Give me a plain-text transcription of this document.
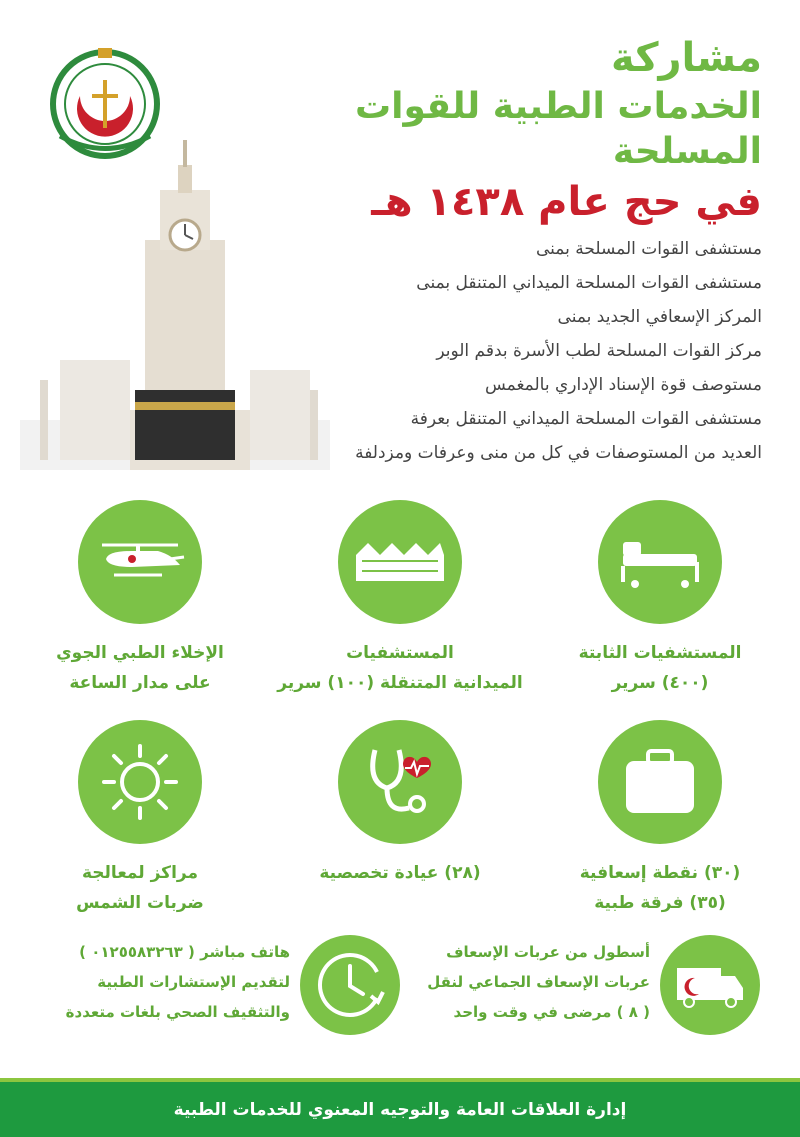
مشاركة

الخدمات الطبية للقوات المسلحة

في حج عام ١٤٣٨ هـ

مستشفى القوات المسلحة بمنى
مستشفى القوات المسلحة الميداني المتنقل بمنى
المركز الإسعافي الجديد بمنى
مركز القوات المسلحة لطب الأسرة بدقم الوبر
مستوصف قوة الإسناد الإداري بالمغمس
مستشفى القوات المسلحة الميداني المتنقل بعرفة
العديد من المستوصفات في كل من منى وعرفات ومزدلفة
المستشفيات الثابتة
(٤٠٠) سرير
المستشفيات
الميدانية المتنقلة (١٠٠) سرير
الإخلاء الطبي الجوي
على مدار الساعة
(٣٠) نقطة إسعافية
(٣٥) فرقة طبية
(٢٨) عيادة تخصصية
مراكز لمعالجة
ضربات الشمس
أسطول من عربات الإسعاف
عربات الإسعاف الجماعي لنقل
( ٨ ) مرضى في وقت واحد
هاتف مباشر ( ٠١٢٥٥٨٣٢٦٣ )
لتقديم الإستشارات الطبية
والتثقيف الصحي بلغات متعددة
إدارة العلاقات العامة والتوجيه المعنوي للخدمات الطبية
